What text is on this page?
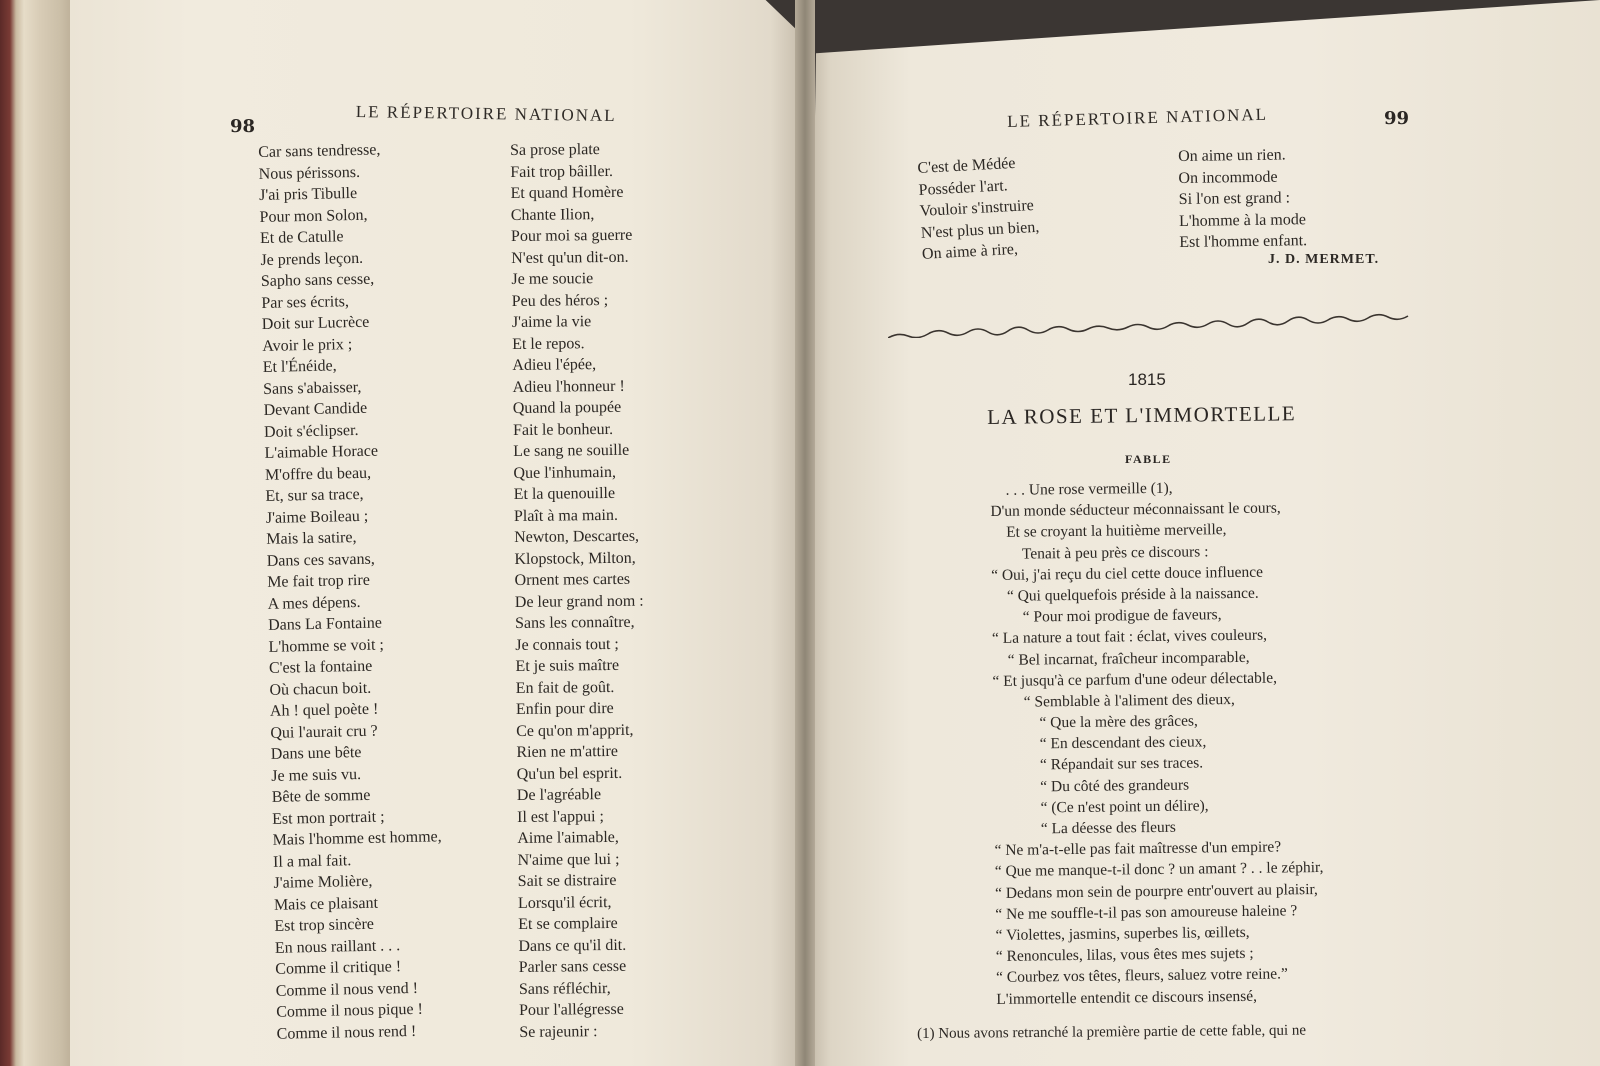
98
LE RÉPERTOIRE NATIONAL
Car sans tendresse,
Nous périssons.
J'ai pris Tibulle
Pour mon Solon,
Et de Catulle
Je prends leçon.
Sapho sans cesse,
Par ses écrits,
Doit sur Lucrèce
Avoir le prix ;
Et l'Énéide,
Sans s'abaisser,
Devant Candide
Doit s'éclipser.
L'aimable Horace
M'offre du beau,
Et, sur sa trace,
J'aime Boileau ;
Mais la satire,
Dans ces savans,
Me fait trop rire
A mes dépens.
Dans La Fontaine
L'homme se voit ;
C'est la fontaine
Où chacun boit.
Ah ! quel poète !
Qui l'aurait cru ?
Dans une bête
Je me suis vu.
Bête de somme
Est mon portrait ;
Mais l'homme est homme,
Il a mal fait.
J'aime Molière,
Mais ce plaisant
Est trop sincère
En nous raillant . . .
Comme il critique !
Comme il nous vend !
Comme il nous pique !
Comme il nous rend !
Sa prose plate
Fait trop bâiller.
Et quand Homère
Chante Ilion,
Pour moi sa guerre
N'est qu'un dit-on.
Je me soucie
Peu des héros ;
J'aime la vie
Et le repos.
Adieu l'épée,
Adieu l'honneur !
Quand la poupée
Fait le bonheur.
Le sang ne souille
Que l'inhumain,
Et la quenouille
Plaît à ma main.
Newton, Descartes,
Klopstock, Milton,
Ornent mes cartes
De leur grand nom :
Sans les connaître,
Je connais tout ;
Et je suis maître
En fait de goût.
Enfin pour dire
Ce qu'on m'apprit,
Rien ne m'attire
Qu'un bel esprit.
De l'agréable
Il est l'appui ;
Aime l'aimable,
N'aime que lui ;
Sait se distraire
Lorsqu'il écrit,
Et se complaire
Dans ce qu'il dit.
Parler sans cesse
Sans réfléchir,
Pour l'allégresse
Se rajeunir :
LE RÉPERTOIRE NATIONAL	99
C'est de Médée
Posséder l'art.
Vouloir s'instruire
N'est plus un bien,
On aime à rire,
On aime un rien.
On incommode
Si l'on est grand :
L'homme à la mode
Est l'homme enfant.
J. D. MERMET.
1815
LA ROSE ET L'IMMORTELLE
FABLE
. . . Une rose vermeille (1),
D'un monde séducteur méconnaissant le cours,
Et se croyant la huitième merveille,
Tenait à peu près ce discours :
“ Oui, j'ai reçu du ciel cette douce influence
“ Qui quelquefois préside à la naissance.
“ Pour moi prodigue de faveurs,
“ La nature a tout fait : éclat, vives couleurs,
“ Bel incarnat, fraîcheur incomparable,
“ Et jusqu'à ce parfum d'une odeur délectable,
“ Semblable à l'aliment des dieux,
“ Que la mère des grâces,
“ En descendant des cieux,
“ Répandait sur ses traces.
“ Du côté des grandeurs
“ (Ce n'est point un délire),
“ La déesse des fleurs
“ Ne m'a-t-elle pas fait maîtresse d'un empire?
“ Que me manque-t-il donc ? un amant ? . . le zéphir,
“ Dedans mon sein de pourpre entr'ouvert au plaisir,
“ Ne me souffle-t-il pas son amoureuse haleine ?
“ Violettes, jasmins, superbes lis, œillets,
“ Renoncules, lilas, vous êtes mes sujets ;
“ Courbez vos têtes, fleurs, saluez votre reine.”
L'immortelle entendit ce discours insensé,
(1) Nous avons retranché la première partie de cette fable, qui ne
